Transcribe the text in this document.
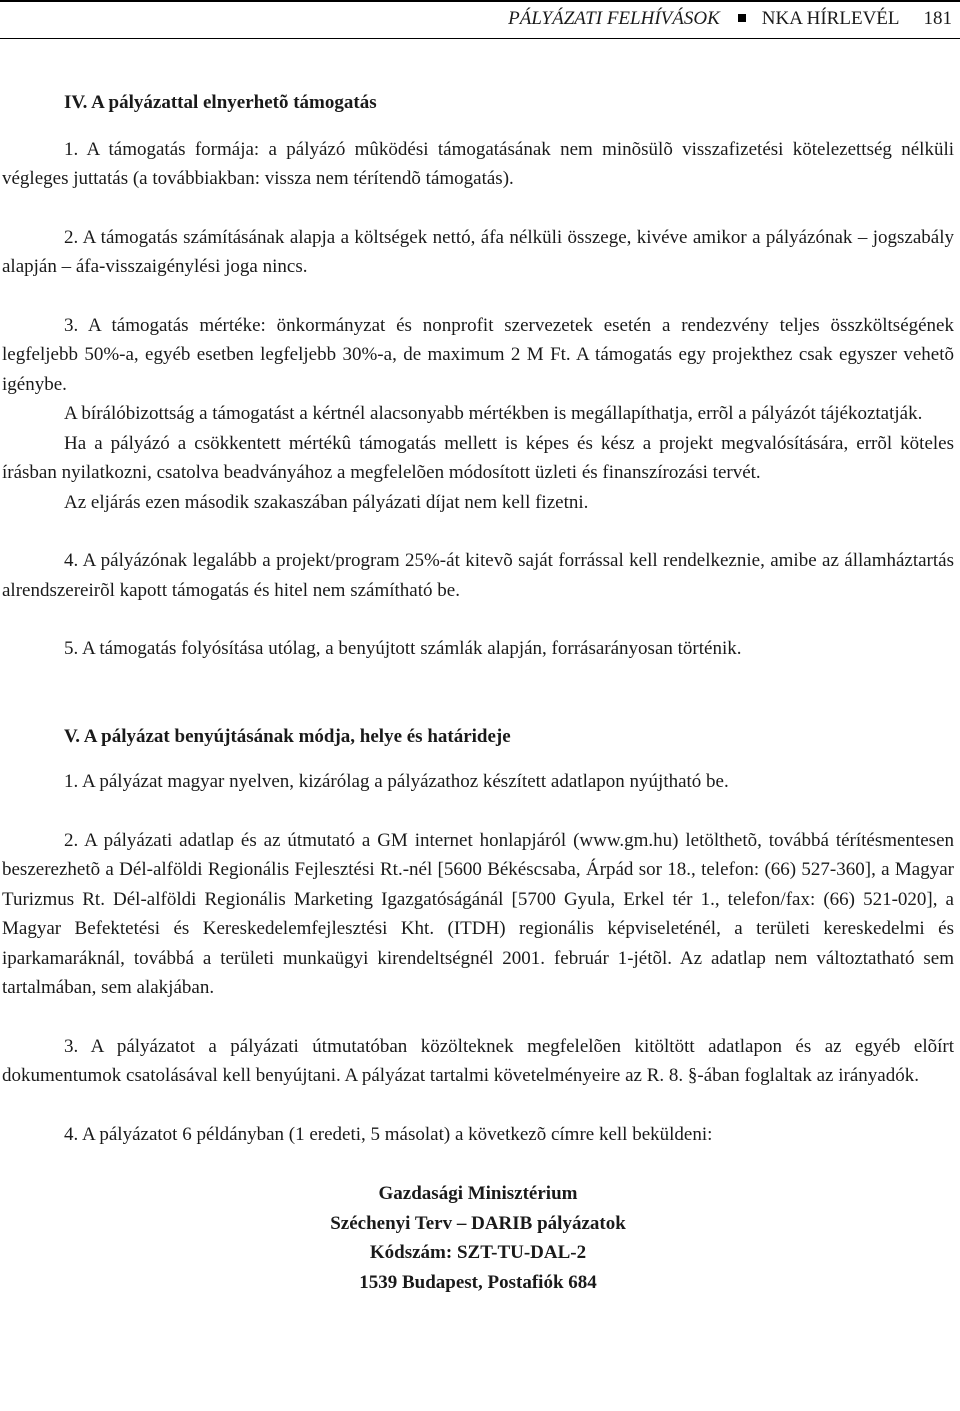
PÁLYÁZATI FELHÍVÁSOK NKA HÍRLEVÉL 181

IV. A pályázattal elnyerhetõ támogatás

1. A támogatás formája: a pályázó mûködési támogatásának nem minõsülõ visszafizetési kötelezettség nélküli végleges juttatás (a továbbiakban: vissza nem térítendõ támogatás).

2. A támogatás számításának alapja a költségek nettó, áfa nélküli összege, kivéve amikor a pályázónak – jogszabály alapján – áfa-visszaigénylési joga nincs.

3. A támogatás mértéke: önkormányzat és nonprofit szervezetek esetén a rendezvény teljes összköltségének legfeljebb 50%-a, egyéb esetben legfeljebb 30%-a, de maximum 2 M Ft. A támogatás egy projekthez csak egyszer vehetõ igénybe.

A bírálóbizottság a támogatást a kértnél alacsonyabb mértékben is megállapíthatja, errõl a pályázót tájékoztatják.

Ha a pályázó a csökkentett mértékû támogatás mellett is képes és kész a projekt megvalósítására, errõl köteles írásban nyilatkozni, csatolva beadványához a megfelelõen módosított üzleti és finanszírozási tervét.

Az eljárás ezen második szakaszában pályázati díjat nem kell fizetni.

4. A pályázónak legalább a projekt/program 25%-át kitevõ saját forrással kell rendelkeznie, amibe az államháztartás alrendszereirõl kapott támogatás és hitel nem számítható be.

5. A támogatás folyósítása utólag, a benyújtott számlák alapján, forrásarányosan történik.

V. A pályázat benyújtásának módja, helye és határideje

1. A pályázat magyar nyelven, kizárólag a pályázathoz készített adatlapon nyújtható be.

2. A pályázati adatlap és az útmutató a GM internet honlapjáról (www.gm.hu) letölthetõ, továbbá térítésmentesen beszerezhetõ a Dél-alföldi Regionális Fejlesztési Rt.-nél [5600 Békéscsaba, Árpád sor 18., telefon: (66) 527-360], a Magyar Turizmus Rt. Dél-alföldi Regionális Marketing Igazgatóságánál [5700 Gyula, Erkel tér 1., telefon/fax: (66) 521-020], a Magyar Befektetési és Kereskedelemfejlesztési Kht. (ITDH) regionális képviseleténél, a területi kereskedelmi és iparkamaráknál, továbbá a területi munkaügyi kirendeltségnél 2001. február 1-jétõl. Az adatlap nem változtatható sem tartalmában, sem alakjában.

3. A pályázatot a pályázati útmutatóban közölteknek megfelelõen kitöltött adatlapon és az egyéb elõírt dokumentumok csatolásával kell benyújtani. A pályázat tartalmi követelményeire az R. 8. §-ában foglaltak az irányadók.

4. A pályázatot 6 példányban (1 eredeti, 5 másolat) a következõ címre kell beküldeni:

Gazdasági Minisztérium
Széchenyi Terv – DARIB pályázatok
Kódszám: SZT-TU-DAL-2
1539 Budapest, Postafiók 684
